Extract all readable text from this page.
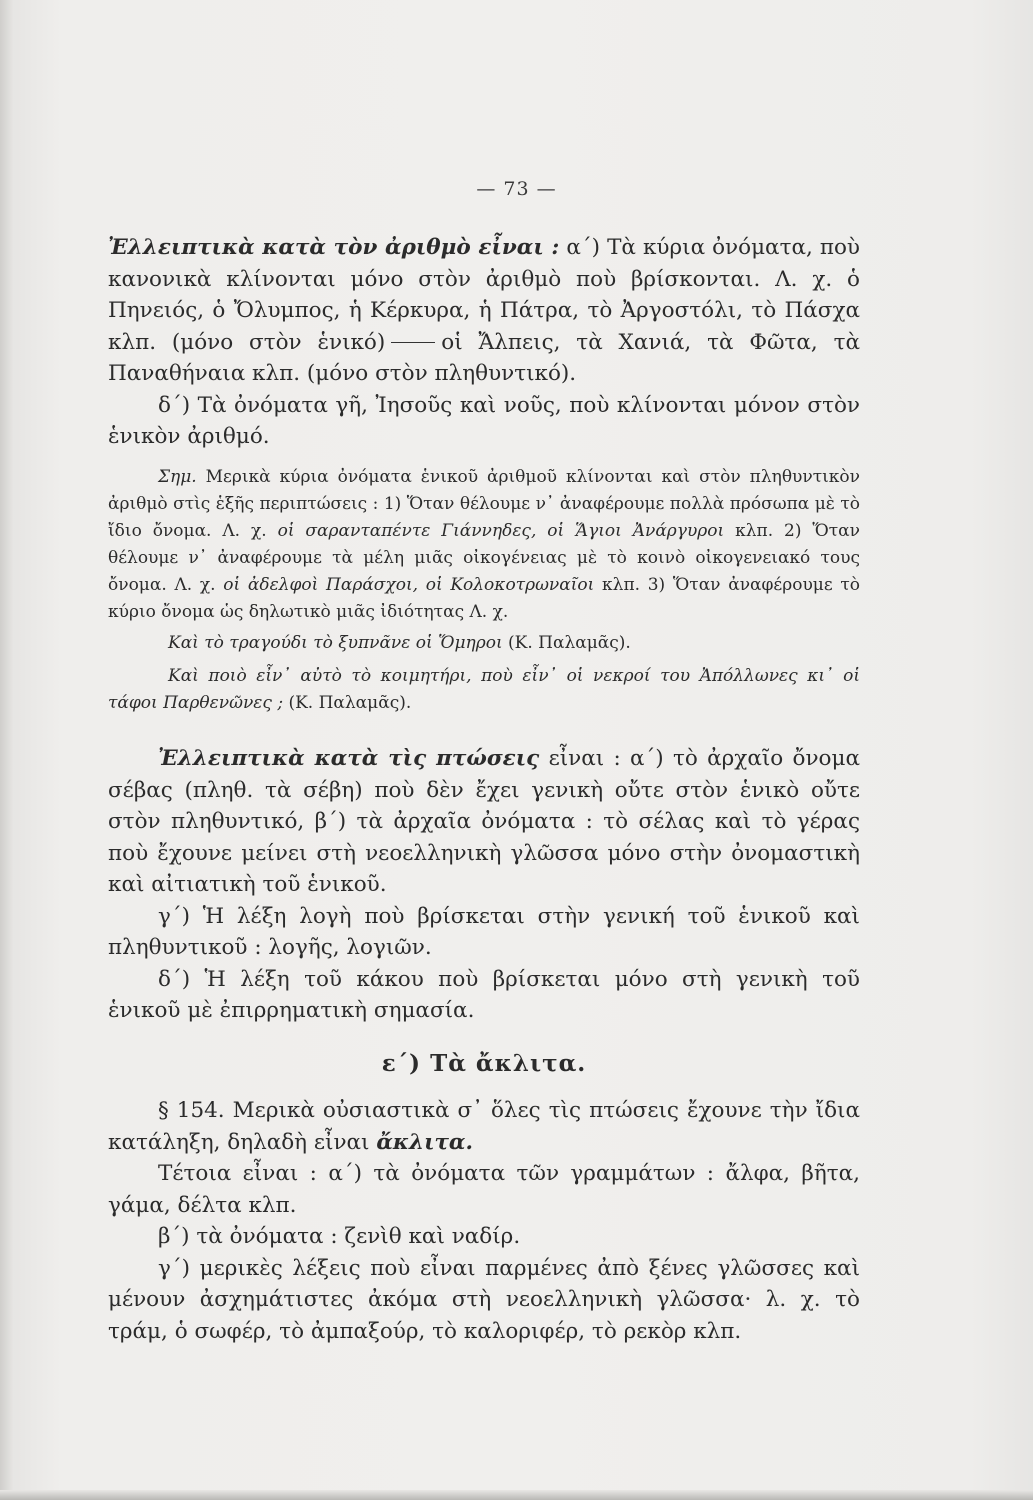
— 73 —

Ἐλλειπτικὰ κατὰ τὸν ἀριθμὸ εἶναι : α΄) Τὰ κύρια ὀνόματα, ποὺ κανονικὰ κλίνονται μόνο στὸν ἀριθμὸ ποὺ βρίσκονται. Λ. χ. ὁ Πηνειός, ὁ Ὄλυμπος, ἡ Κέρκυρα, ἡ Πάτρα, τὸ Ἀργοστόλι, τὸ Πάσχα κλπ. (μόνο στὸν ἑνικό)	οἱ Ἄλπεις, τὰ Χανιά, τὰ Φῶτα, τὰ Παναθήναια κλπ. (μόνο στὸν πληθυντικό).

δ΄) Τὰ ὀνόματα γῆ, Ἰησοῦς καὶ νοῦς, ποὺ κλίνονται μόνον στὸν ἑνικὸν ἀριθμό.

Σημ. Μερικὰ κύρια ὀνόματα ἑνικοῦ ἀριθμοῦ κλίνονται καὶ στὸν πληθυντικὸν ἀριθμὸ στὶς ἑξῆς περιπτώσεις : 1) Ὅταν θέλουμε ν᾽ ἀναφέρουμε πολλὰ πρόσωπα μὲ τὸ ἴδιο ὄνομα. Λ. χ. οἱ σαρανταπέντε Γιάννηδες, οἱ Ἅγιοι Ἀνάργυροι κλπ. 2) Ὅταν θέλουμε ν᾽ ἀναφέρουμε τὰ μέλη μιᾶς οἰκογένειας μὲ τὸ κοινὸ οἰκογενειακό τους ὄνομα. Λ. χ. οἱ ἀδελφοὶ Παράσχοι, οἱ Κολοκοτρωναῖοι κλπ. 3) Ὅταν ἀναφέρουμε τὸ κύριο ὄνομα ὡς δηλωτικὸ μιᾶς ἰδιότητας Λ. χ.

Καὶ τὸ τραγούδι τὸ ξυπνᾶνε οἱ Ὅμηροι (Κ. Παλαμᾶς).

Καὶ ποιὸ εἶν᾽ αὐτὸ τὸ κοιμητήρι, ποὺ εἶν᾽ οἱ νεκροί του Ἀπόλλωνες κι᾽ οἱ τάφοι Παρθενῶνες ; (Κ. Παλαμᾶς).

Ἐλλειπτικὰ κατὰ τὶς πτώσεις εἶναι : α΄) τὸ ἀρχαῖο ὄνομα σέβας (πληθ. τὰ σέβη) ποὺ δὲν ἔχει γενικὴ οὔτε στὸν ἑνικὸ οὔτε στὸν πληθυντικό, β΄) τὰ ἀρχαῖα ὀνόματα : τὸ σέλας καὶ τὸ γέρας ποὺ ἔχουνε μείνει στὴ νεοελληνικὴ γλῶσσα μόνο στὴν ὀνομαστικὴ καὶ αἰτιατικὴ τοῦ ἑνικοῦ.

γ΄) Ἡ λέξη λογὴ ποὺ βρίσκεται στὴν γενική τοῦ ἑνικοῦ καὶ πληθυντικοῦ : λογῆς, λογιῶν.

δ΄) Ἡ λέξη τοῦ κάκου ποὺ βρίσκεται μόνο στὴ γενικὴ τοῦ ἑνικοῦ μὲ ἐπιρρηματικὴ σημασία.

ε΄) Τὰ ἄκλιτα.

§ 154. Μερικὰ οὐσιαστικὰ σ᾽ ὅλες τὶς πτώσεις ἔχουνε τὴν ἴδια κατάληξη, δηλαδὴ εἶναι ἄκλιτα.

Τέτοια εἶναι : α΄) τὰ ὀνόματα τῶν γραμμάτων : ἄλφα, βῆτα, γάμα, δέλτα κλπ.

β΄) τὰ ὀνόματα : ζενὶθ καὶ ναδίρ.

γ΄) μερικὲς λέξεις ποὺ εἶναι παρμένες ἀπὸ ξένες γλῶσσες καὶ μένουν ἀσχημάτιστες ἀκόμα στὴ νεοελληνικὴ γλῶσσα· λ. χ. τὸ τράμ, ὁ σωφέρ, τὸ ἀμπαξούρ, τὸ καλοριφέρ, τὸ ρεκὸρ κλπ.
